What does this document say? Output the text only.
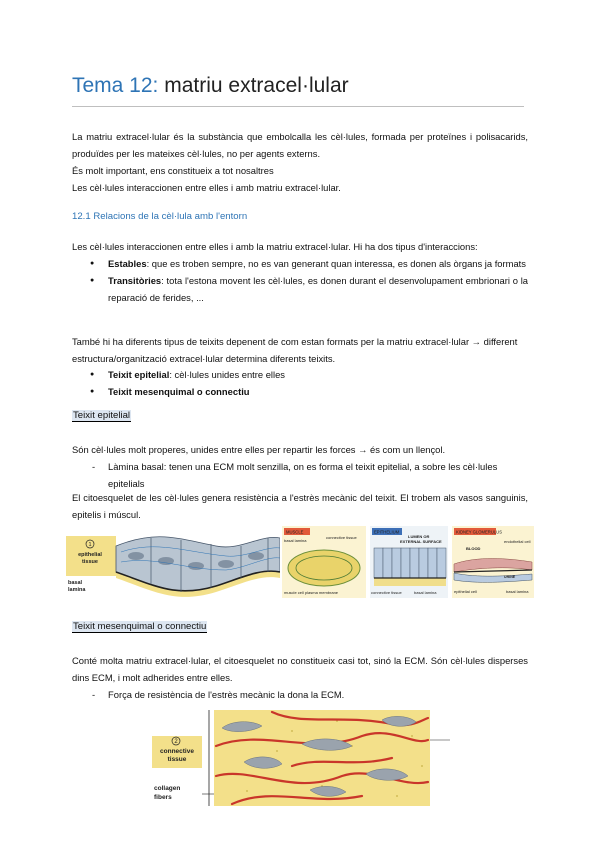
Tema 12: matriu extracel·lular

La matriu extracel·lular és la substància que embolcalla les cèl·lules, formada per proteïnes i polisacarids, produïdes per les mateixes cèl·lules, no per agents externs.

És molt important, ens constitueix a tot nosaltres

Les cèl·lules interaccionen entre elles i amb matriu extracel·lular.

12.1 Relacions de la cèl·lula amb l'entorn

Les cèl·lules interaccionen entre elles i amb la matriu extracel·lular. Hi ha dos tipus d'interaccions:

● Estables: que es troben sempre, no es van generant quan interessa, es donen als òrgans ja formats
● Transitòries: tota l'estona movent les cèl·lules, es donen durant el desenvolupament embrionari o la reparació de ferides, ...

També hi ha diferents tipus de teixits depenent de com estan formats per la matriu extracel·lular → different estructura/organització extracel·lular determina diferents teixits.

● Teixit epitelial: cèl·lules unides entre elles
● Teixit mesenquimal o connectiu

Teixit epitelial

Són cèl·lules molt properes, unides entre elles per repartir les forces → és com un llençol.

- Làmina basal: tenen una ECM molt senzilla, on es forma el teixit epitelial, a sobre les cèl·lules epitelials

El citoesquelet de les cèl·lules genera resistència a l'estrès mecànic del teixit. El trobem als vasos sanguinis, epitelis i múscul.

1
epithelial
tissue
basal
lamina
MUSCLE
basal lamina
connective tissue
muscle cell plasma membrane
EPITHELIUM
LUMEN OR
EXTERNAL SURFACE
connective tissue	basal lamina
KIDNEY GLOMERULUS
endothelial cell
BLOOD
URINE
epithelial cell	basal lamina

Teixit mesenquimal o connectiu

Conté molta matriu extracel·lular, el citoesquelet no constitueix casi tot, sinó la ECM. Són cèl·lules disperses dins ECM, i molt adherides entre elles.

- Força de resistència de l'estrès mecànic la dona la ECM.
2
connective
tissue
collagen
fibers
